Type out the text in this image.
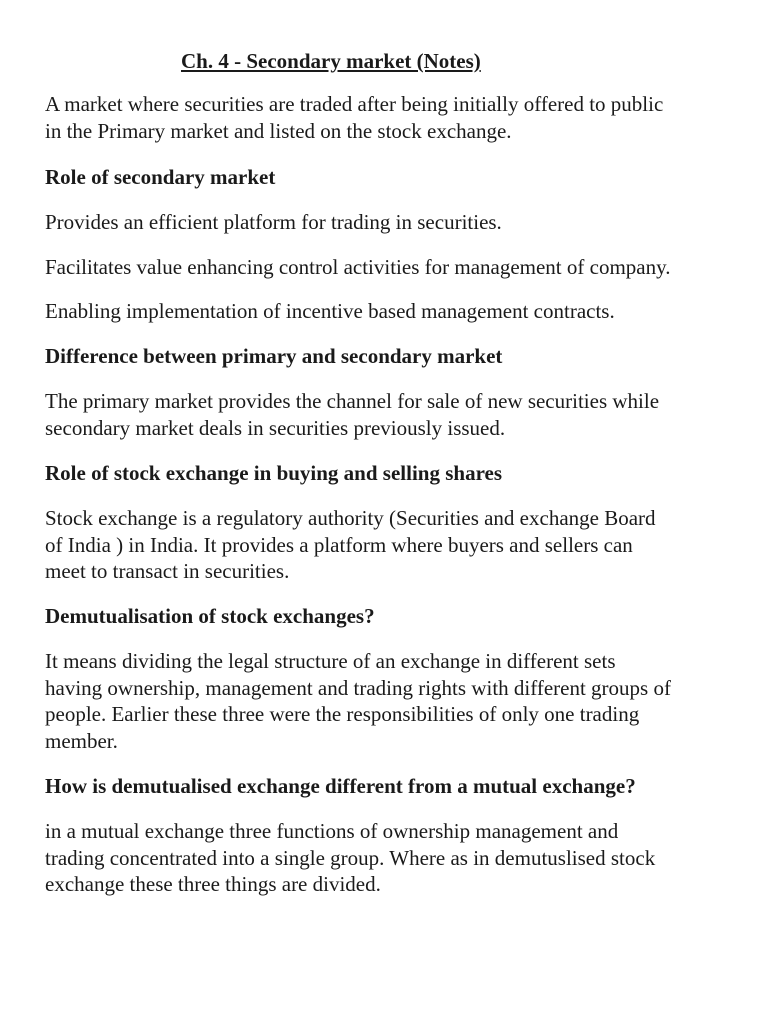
Ch. 4 - Secondary market (Notes)
A market where securities are traded after being initially offered to public
in the Primary market and listed on the stock exchange.
Role of secondary market
Provides an efficient platform for trading in securities.
Facilitates value enhancing control activities for management of company.
Enabling implementation of incentive based management contracts.
Difference between primary and secondary market
The primary market provides the channel for sale of new securities while
secondary market deals in securities previously issued.
Role of stock exchange in buying and selling shares
Stock exchange is a regulatory authority (Securities and exchange Board
of India ) in India. It provides a platform where buyers and sellers can
meet to transact in securities.
Demutualisation of stock exchanges?
It means dividing the legal structure of an exchange in different sets
having ownership, management and trading rights with different groups of
people. Earlier these three were the responsibilities of only one trading
member.
How is demutualised exchange different from a mutual exchange?
in a mutual exchange three functions of ownership management and
trading concentrated into a single group. Where as in demutuslised stock
exchange these three things are divided.
